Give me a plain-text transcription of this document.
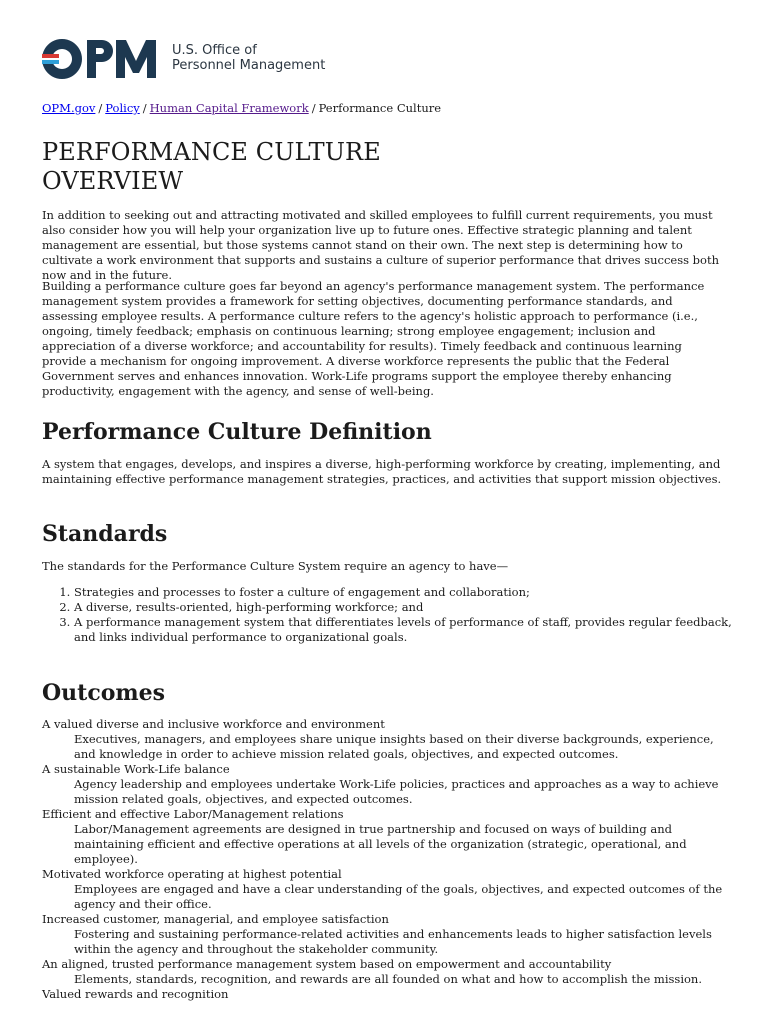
U.S. Office of
Personnel Management
OPM.gov / Policy / Human Capital Framework / Performance Culture
PERFORMANCE CULTURE
OVERVIEW

In addition to seeking out and attracting motivated and skilled employees to fulfill current requirements, you must also consider how you will help your organization live up to future ones. Effective strategic planning and talent management are essential, but those systems cannot stand on their own. The next step is determining how to cultivate a work environment that supports and sustains a culture of superior performance that drives success both now and in the future.

Building a performance culture goes far beyond an agency's performance management system. The performance management system provides a framework for setting objectives, documenting performance standards, and assessing employee results. A performance culture refers to the agency's holistic approach to performance (i.e., ongoing, timely feedback; emphasis on continuous learning; strong employee engagement; inclusion and appreciation of a diverse workforce; and accountability for results). Timely feedback and continuous learning provide a mechanism for ongoing improvement. A diverse workforce represents the public that the Federal Government serves and enhances innovation. Work-Life programs support the employee thereby enhancing productivity, engagement with the agency, and sense of well-being.

Performance Culture Definition

A system that engages, develops, and inspires a diverse, high-performing workforce by creating, implementing, and maintaining effective performance management strategies, practices, and activities that support mission objectives.

Standards

The standards for the Performance Culture System require an agency to have—

1. Strategies and processes to foster a culture of engagement and collaboration;
2. A diverse, results-oriented, high-performing workforce; and
3. A performance management system that differentiates levels of performance of staff, provides regular feedback, and links individual performance to organizational goals.
Outcomes
A valued diverse and inclusive workforce and environment
Executives, managers, and employees share unique insights based on their diverse backgrounds, experience, and knowledge in order to achieve mission related goals, objectives, and expected outcomes.
A sustainable Work-Life balance
Agency leadership and employees undertake Work-Life policies, practices and approaches as a way to achieve mission related goals, objectives, and expected outcomes.
Efficient and effective Labor/Management relations
Labor/Management agreements are designed in true partnership and focused on ways of building and maintaining efficient and effective operations at all levels of the organization (strategic, operational, and employee).
Motivated workforce operating at highest potential
Employees are engaged and have a clear understanding of the goals, objectives, and expected outcomes of the agency and their office.
Increased customer, managerial, and employee satisfaction
Fostering and sustaining performance-related activities and enhancements leads to higher satisfaction levels within the agency and throughout the stakeholder community.
An aligned, trusted performance management system based on empowerment and accountability
Elements, standards, recognition, and rewards are all founded on what and how to accomplish the mission.
Valued rewards and recognition
